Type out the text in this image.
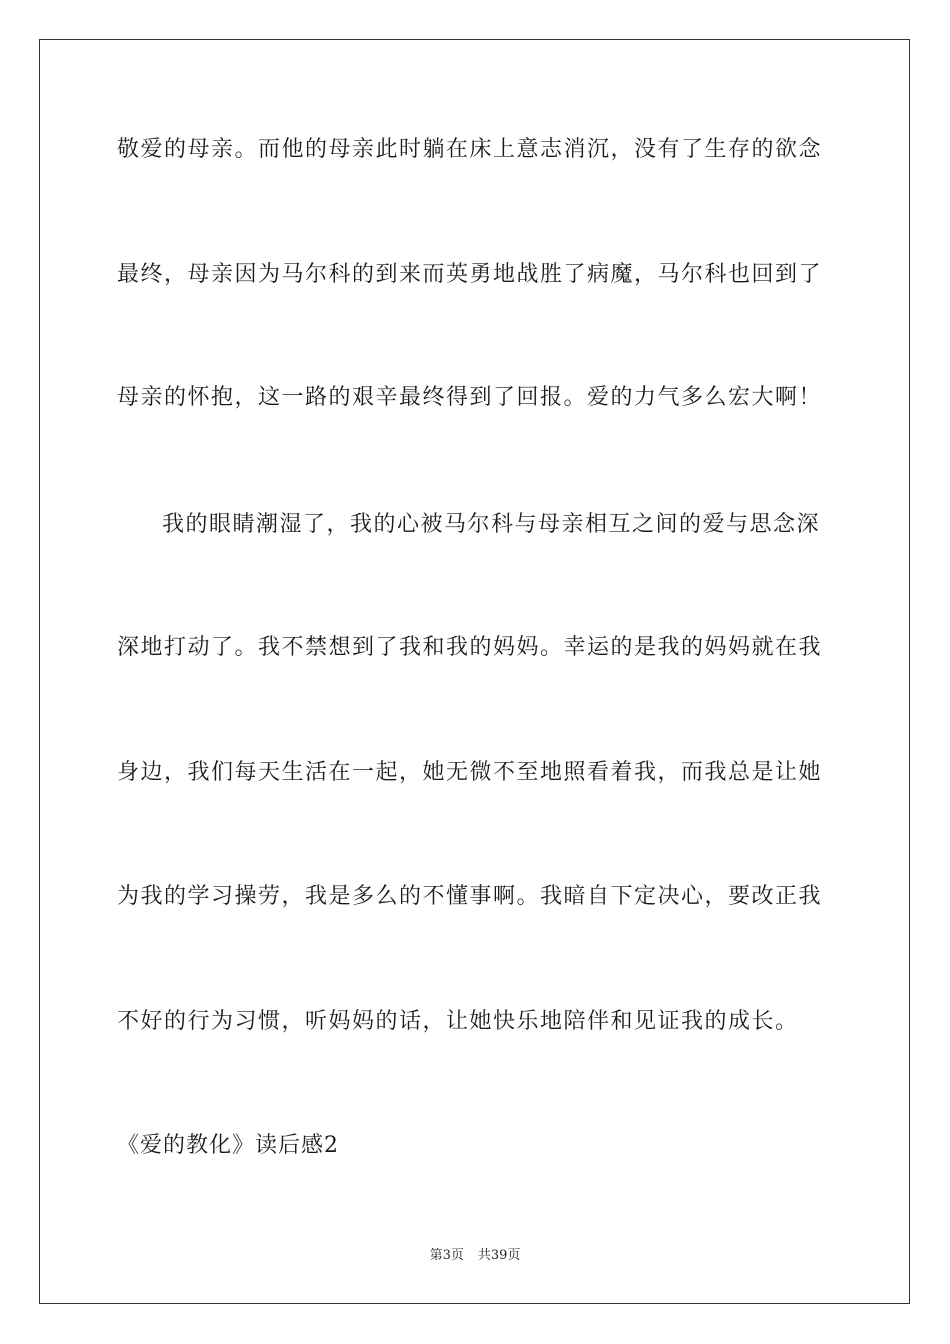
敬爱的母亲。而他的母亲此时躺在床上意志消沉，没有了生存的欲念
最终，母亲因为马尔科的到来而英勇地战胜了病魔，马尔科也回到了
母亲的怀抱，这一路的艰辛最终得到了回报。爱的力气多么宏大啊！
我的眼睛潮湿了，我的心被马尔科与母亲相互之间的爱与思念深
深地打动了。我不禁想到了我和我的妈妈。幸运的是我的妈妈就在我
身边，我们每天生活在一起，她无微不至地照看着我，而我总是让她
为我的学习操劳，我是多么的不懂事啊。我暗自下定决心，要改正我
不好的行为习惯，听妈妈的话，让她快乐地陪伴和见证我的成长。
《爱的教化》读后感2
第3页 共39页
